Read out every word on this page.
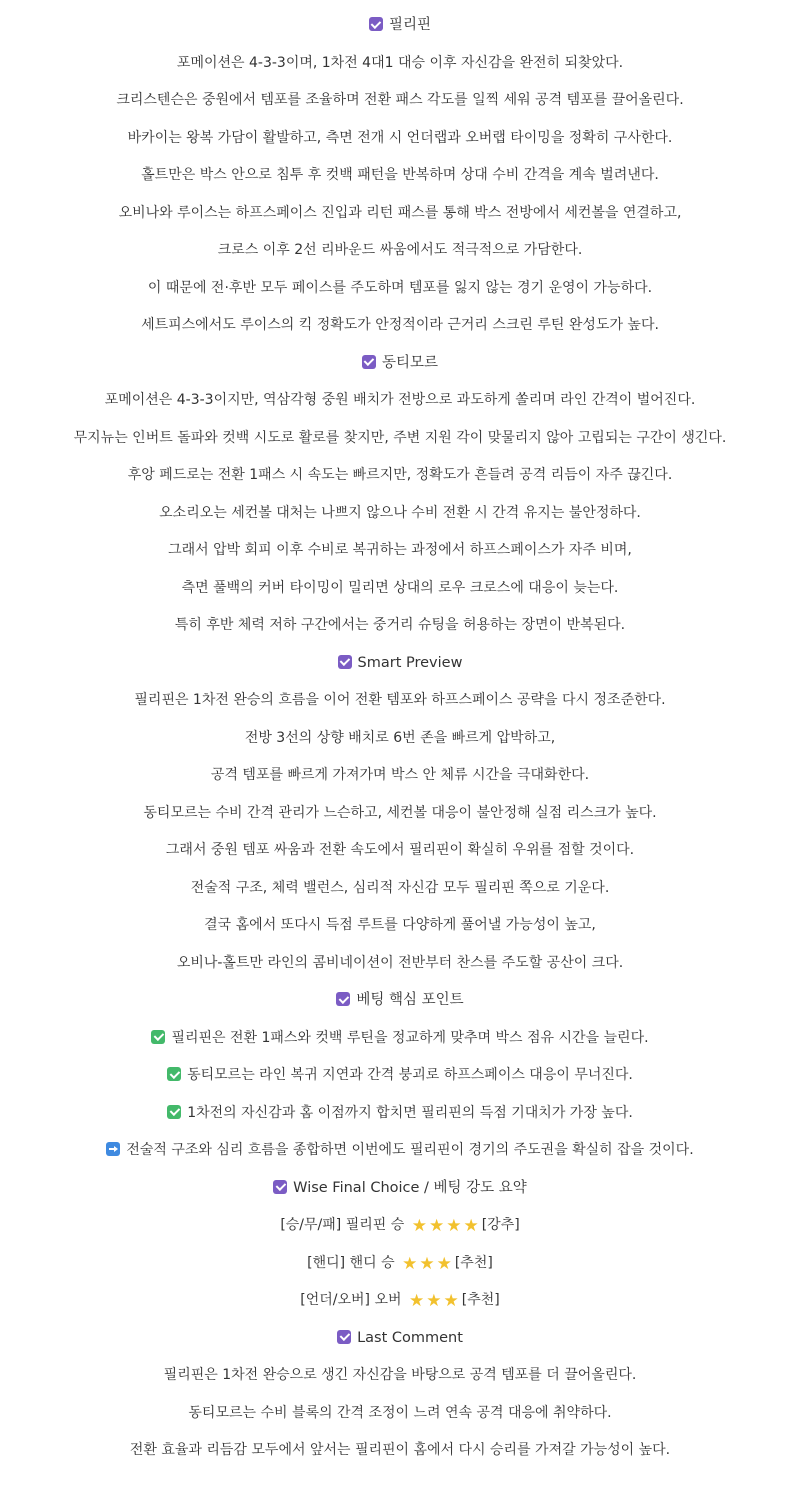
필리핀
포메이션은 4-3-3이며, 1차전 4대1 대승 이후 자신감을 완전히 되찾았다.
크리스텐슨은 중원에서 템포를 조율하며 전환 패스 각도를 일찍 세워 공격 템포를 끌어올린다.
바카이는 왕복 가담이 활발하고, 측면 전개 시 언더랩과 오버랩 타이밍을 정확히 구사한다.
홀트만은 박스 안으로 침투 후 컷백 패턴을 반복하며 상대 수비 간격을 계속 벌려낸다.
오비나와 루이스는 하프스페이스 진입과 리턴 패스를 통해 박스 전방에서 세컨볼을 연결하고,
크로스 이후 2선 리바운드 싸움에서도 적극적으로 가담한다.
이 때문에 전·후반 모두 페이스를 주도하며 템포를 잃지 않는 경기 운영이 가능하다.
세트피스에서도 루이스의 킥 정확도가 안정적이라 근거리 스크린 루틴 완성도가 높다.
동티모르
포메이션은 4-3-3이지만, 역삼각형 중원 배치가 전방으로 과도하게 쏠리며 라인 간격이 벌어진다.
무지뉴는 인버트 돌파와 컷백 시도로 활로를 찾지만, 주변 지원 각이 맞물리지 않아 고립되는 구간이 생긴다.
후앙 페드로는 전환 1패스 시 속도는 빠르지만, 정확도가 흔들려 공격 리듬이 자주 끊긴다.
오소리오는 세컨볼 대처는 나쁘지 않으나 수비 전환 시 간격 유지는 불안정하다.
그래서 압박 회피 이후 수비로 복귀하는 과정에서 하프스페이스가 자주 비며,
측면 풀백의 커버 타이밍이 밀리면 상대의 로우 크로스에 대응이 늦는다.
특히 후반 체력 저하 구간에서는 중거리 슈팅을 허용하는 장면이 반복된다.
Smart Preview
필리핀은 1차전 완승의 흐름을 이어 전환 템포와 하프스페이스 공략을 다시 정조준한다.
전방 3선의 상향 배치로 6번 존을 빠르게 압박하고,
공격 템포를 빠르게 가져가며 박스 안 체류 시간을 극대화한다.
동티모르는 수비 간격 관리가 느슨하고, 세컨볼 대응이 불안정해 실점 리스크가 높다.
그래서 중원 템포 싸움과 전환 속도에서 필리핀이 확실히 우위를 점할 것이다.
전술적 구조, 체력 밸런스, 심리적 자신감 모두 필리핀 쪽으로 기운다.
결국 홈에서 또다시 득점 루트를 다양하게 풀어낼 가능성이 높고,
오비나-홀트만 라인의 콤비네이션이 전반부터 찬스를 주도할 공산이 크다.
베팅 핵심 포인트
필리핀은 전환 1패스와 컷백 루틴을 정교하게 맞추며 박스 점유 시간을 늘린다.
동티모르는 라인 복귀 지연과 간격 붕괴로 하프스페이스 대응이 무너진다.
1차전의 자신감과 홈 이점까지 합치면 필리핀의 득점 기대치가 가장 높다.
전술적 구조와 심리 흐름을 종합하면 이번에도 필리핀이 경기의 주도권을 확실히 잡을 것이다.
Wise Final Choice / 베팅 강도 요약
[승/무/패] 필리핀 승 ★ ★ ★ ★ [강추]
[핸디] 핸디 승 ★ ★ ★ [추천]
[언더/오버] 오버 ★ ★ ★ [추천]
Last Comment
필리핀은 1차전 완승으로 생긴 자신감을 바탕으로 공격 템포를 더 끌어올린다.
동티모르는 수비 블록의 간격 조정이 느려 연속 공격 대응에 취약하다.
전환 효율과 리듬감 모두에서 앞서는 필리핀이 홈에서 다시 승리를 가져갈 가능성이 높다.
